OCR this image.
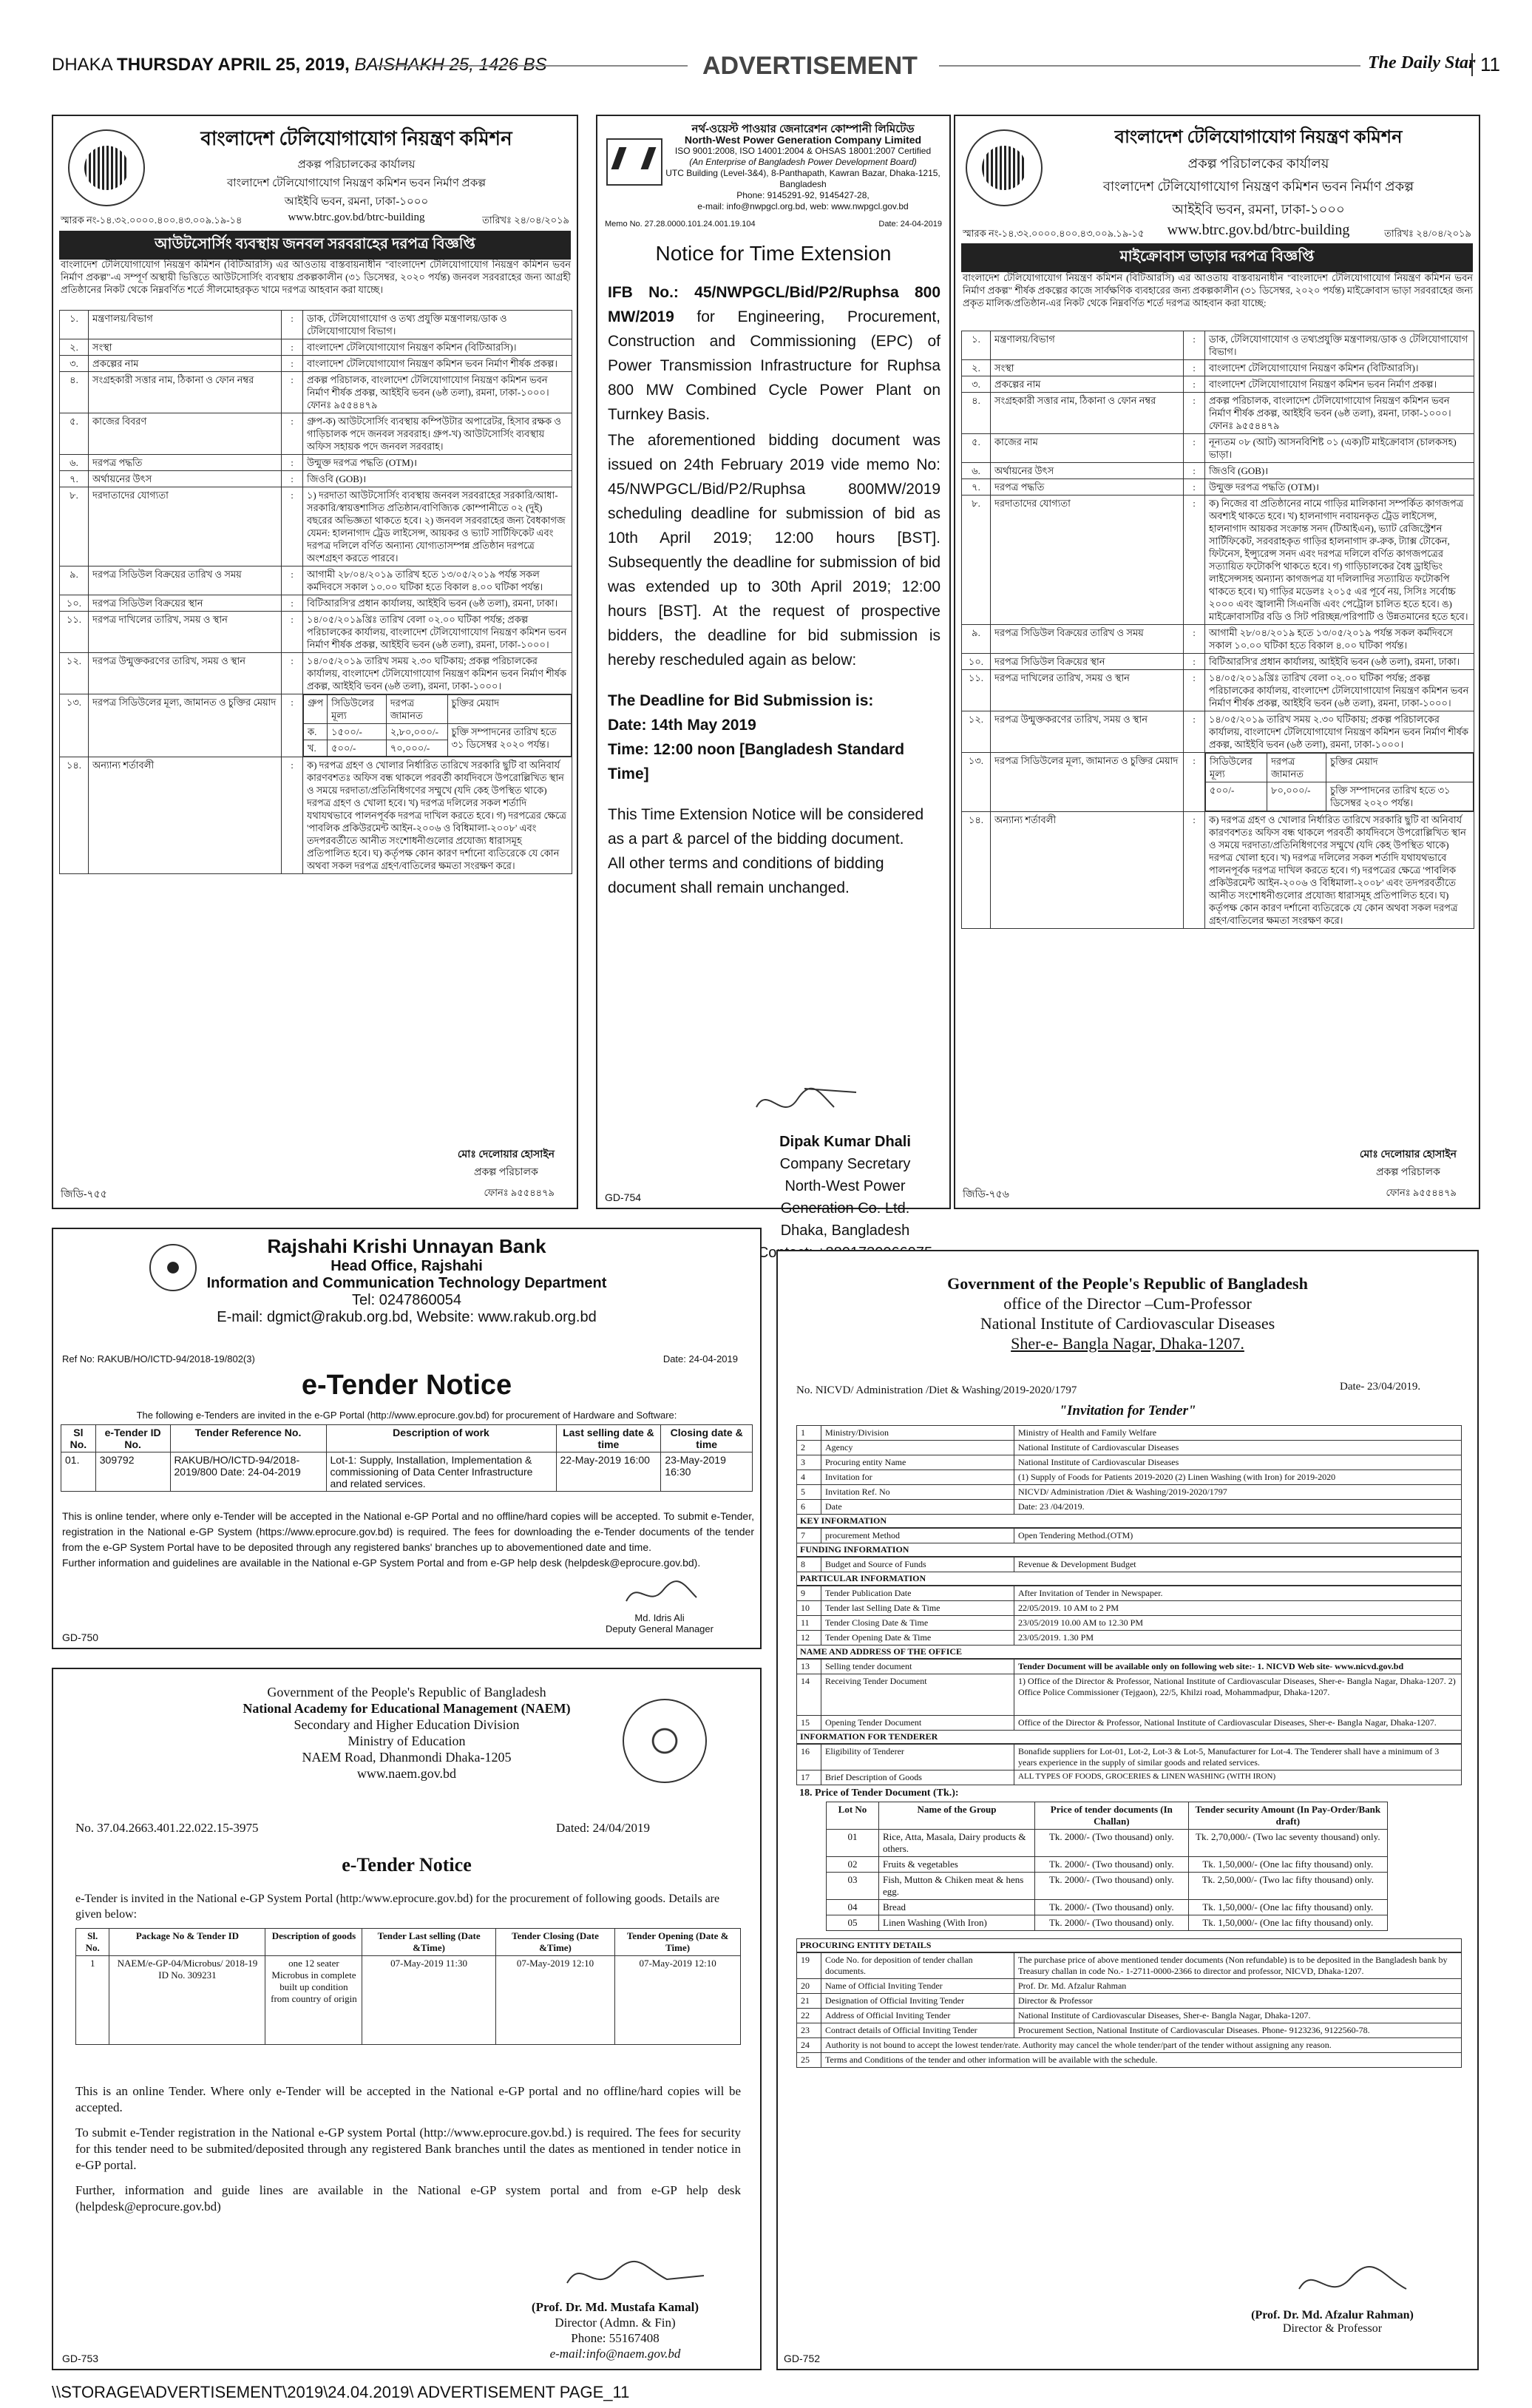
DHAKA THURSDAY APRIL 25, 2019, BAISHAKH 25, 1426 BS	ADVERTISEMENT	The Daily Star 11
বাংলাদেশ টেলিযোগাযোগ নিয়ন্ত্রণ কমিশন
প্রকল্প পরিচালকের কার্যালয়
বাংলাদেশ টেলিযোগাযোগ নিয়ন্ত্রণ কমিশন ভবন নির্মাণ প্রকল্প
আইইবি ভবন, রমনা, ঢাকা-১০০০
www.btrc.gov.bd/btrc-building
স্মারক নং-১৪.৩২.০০০০.৪০০.৪৩.০০৯.১৯-১৪	তারিখঃ ২৪/০৪/২০১৯
আউটসোর্সিং ব্যবস্থায় জনবল সরবরাহের দরপত্র বিজ্ঞপ্তি
বাংলাদেশ টেলিযোগাযোগ নিয়ন্ত্রণ কমিশন (বিটিআরসি) এর আওতায় বাস্তবায়নাধীন "বাংলাদেশ টেলিযোগাযোগ নিয়ন্ত্রণ কমিশন ভবন নির্মাণ প্রকল্প"-এ সম্পূর্ণ অস্থায়ী ভিত্তিতে আউটসোর্সিং ব্যবস্থায় প্রকল্পকালীন (৩১ ডিসেম্বর, ২০২০ পর্যন্ত) জনবল সরবরাহের জন্য আগ্রহী প্রতিষ্ঠানের নিকট থেকে নিম্নবর্ণিত শর্তে সীলমোহরকৃত খামে দরপত্র আহবান করা যাচ্ছে।
১.	মন্ত্রণালয়/বিভাগ	:	ডাক, টেলিযোগাযোগ ও তথ্য প্রযুক্তি মন্ত্রণালয়/ডাক ও টেলিযোগাযোগ বিভাগ।
২.	সংস্থা	:	বাংলাদেশ টেলিযোগাযোগ নিয়ন্ত্রণ কমিশন (বিটিআরসি)।
৩.	প্রকল্পের নাম	:	বাংলাদেশ টেলিযোগাযোগ নিয়ন্ত্রণ কমিশন ভবন নির্মাণ শীর্ষক প্রকল্প।
৪.	সংগ্রহকারী সত্তার নাম, ঠিকানা ও ফোন নম্বর	:	প্রকল্প পরিচালক, বাংলাদেশ টেলিযোগাযোগ নিয়ন্ত্রণ কমিশন ভবন নির্মাণ শীর্ষক প্রকল্প, আইইবি ভবন (৬ষ্ঠ তলা), রমনা, ঢাকা-১০০০। ফোনঃ ৯৫৫৪৪৭৯
৫.	কাজের বিবরণ	:	গ্রুপ-ক) আউটসোর্সিং ব্যবস্থায় কম্পিউটার অপারেটর, হিসাব রক্ষক ও গাড়িচালক পদে জনবল সরবরাহ। গ্রুপ-খ) আউটসোর্সিং ব্যবস্থায় অফিস সহায়ক পদে জনবল সরবরাহ।
৬.	দরপত্র পদ্ধতি	:	উন্মুক্ত দরপত্র পদ্ধতি (OTM)।
৭.	অর্থায়নের উৎস	:	জিওবি (GOB)।
৮.	দরদাতাদের যোগ্যতা	:	১) দরদাতা আউটসোর্সিং ব্যবস্থায় জনবল সরবরাহের সরকারি/আধা-সরকারি/স্বায়ত্তশাসিত প্রতিষ্ঠান/বাণিজ্যিক কোম্পানীতে ০২ (দুই) বছরের অভিজ্ঞতা থাকতে হবে। ২) জনবল সরবরাহের জন্য বৈধকাগজ যেমন: হালনাগাদ ট্রেড লাইসেন্স, আয়কর ও ভ্যাট সার্টিফিকেট এবং দরপত্র দলিলে বর্ণিত অন্যান্য যোগ্যতাসম্পন্ন প্রতিষ্ঠান দরপত্রে অংশগ্রহণ করতে পারবে।
৯.	দরপত্র সিডিউল বিক্রয়ের তারিখ ও সময়	:	আগামী ২৮/০৪/২০১৯ তারিখ হতে ১৩/০৫/২০১৯ পর্যন্ত সকল কর্মদিবসে সকাল ১০.০০ ঘটিকা হতে বিকাল ৪.০০ ঘটিকা পর্যন্ত।
১০.	দরপত্র সিডিউল বিক্রয়ের স্থান	:	বিটিআরসি'র প্রধান কার্যালয়, আইইবি ভবন (৬ষ্ঠ তলা), রমনা, ঢাকা।
১১.	দরপত্র দাখিলের তারিখ, সময় ও স্থান	:	১৪/০৫/২০১৯খ্রিঃ তারিখ বেলা ০২.০০ ঘটিকা পর্যন্ত; প্রকল্প পরিচালকের কার্যালয়, বাংলাদেশ টেলিযোগাযোগ নিয়ন্ত্রণ কমিশন ভবন নির্মাণ শীর্ষক প্রকল্প, আইইবি ভবন (৬ষ্ঠ তলা), রমনা, ঢাকা-১০০০।
১২.	দরপত্র উন্মুক্তকরণের তারিখ, সময় ও স্থান	:	১৪/০৫/২০১৯ তারিখ সময় ২.৩০ ঘটিকায়; প্রকল্প পরিচালকের কার্যালয়, বাংলাদেশ টেলিযোগাযোগ নিয়ন্ত্রণ কমিশন ভবন নির্মাণ শীর্ষক প্রকল্প, আইইবি ভবন (৬ষ্ঠ তলা), রমনা, ঢাকা-১০০০।
১৩.	দরপত্র সিডিউলের মূল্য, জামানত ও চুক্তির মেয়াদ	:	গ্রুপ	সিডিউলের মূল্য	দরপত্র জামানত	চুক্তির মেয়াদ
ক.	১৫০০/-	২,৮০,০০০/-	চুক্তি সম্পাদনের তারিখ হতে ৩১ ডিসেম্বর ২০২০ পর্যন্ত।
খ.	৫০০/-	৭০,০০০/-

১৪.	অন্যান্য শর্তাবলী	:	ক) দরপত্র গ্রহণ ও খোলার নির্ধারিত তারিখে সরকারি ছুটি বা অনিবার্য কারণবশতঃ অফিস বন্ধ থাকলে পরবর্তী কার্যদিবসে উপরোল্লিখিত স্থান ও সময়ে দরদাতা/প্রতিনিধিগণের সম্মুখে (যদি কেহ উপস্থিত থাকে) দরপত্র গ্রহণ ও খোলা হবে। খ) দরপত্র দলিলের সকল শর্তাদি যথাযথভাবে পালনপূর্বক দরপত্র দাখিল করতে হবে। গ) দরপত্রের ক্ষেত্রে 'পাবলিক প্রকিউরমেন্ট আইন-২০০৬ ও বিধিমালা-২০০৮' এবং তদপরবর্তীতে আনীত সংশোধনীগুলোর প্রযোজ্য ধারাসমূহ প্রতিপালিত হবে। ঘ) কর্তৃপক্ষ কোন কারণ দর্শানো ব্যতিরেকে যে কোন অথবা সকল দরপত্র গ্রহণ/বাতিলের ক্ষমতা সংরক্ষণ করে।
মোঃ দেলোয়ার হোসাইন
প্রকল্প পরিচালক
ফোনঃ ৯৫৫৪৪৭৯
জিডি-৭৫৫
নর্থ-ওয়েস্ট পাওয়ার জেনারেশন কোম্পানী লিমিটেড
North-West Power Generation Company Limited
ISO 9001:2008, ISO 14001:2004 & OHSAS 18001:2007 Certified
(An Enterprise of Bangladesh Power Development Board)
UTC Building (Level-3&4), 8-Panthapath, Kawran Bazar, Dhaka-1215, Bangladesh
Phone: 9145291-92, 9145427-28,
e-mail: info@nwpgcl.org.bd, web: www.nwpgcl.gov.bd
Memo No. 27.28.0000.101.24.001.19.104	Date: 24-04-2019
Notice for Time Extension

IFB No.: 45/NWPGCL/Bid/P2/Ruphsa 800 MW/2019 for Engineering, Procurement, Construction and Commissioning (EPC) of Power Transmission Infrastructure for Ruphsa 800 MW Combined Cycle Power Plant on Turnkey Basis.

The aforementioned bidding document was issued on 24th February 2019 vide memo No: 45/NWPGCL/Bid/P2/Ruphsa 800MW/2019 scheduling deadline for submission of bid as 10th April 2019; 12:00 hours [BST]. Subsequently the deadline for submission of bid was extended up to 30th April 2019; 12:00 hours [BST]. At the request of prospective bidders, the deadline for bid submission is hereby rescheduled again as below:

The Deadline for Bid Submission is:

Date: 14th May 2019

Time: 12:00 noon [Bangladesh Standard Time]

This Time Extension Notice will be considered as a part & parcel of the bidding document.

All other terms and conditions of bidding document shall remain unchanged.

Dipak Kumar Dhali
Company Secretary
North-West Power
Generation Co. Ltd.
Dhaka, Bangladesh
GD-754
বাংলাদেশ টেলিযোগাযোগ নিয়ন্ত্রণ কমিশন
প্রকল্প পরিচালকের কার্যালয়
বাংলাদেশ টেলিযোগাযোগ নিয়ন্ত্রণ কমিশন ভবন নির্মাণ প্রকল্প
আইইবি ভবন, রমনা, ঢাকা-১০০০
www.btrc.gov.bd/btrc-building
স্মারক নং-১৪.৩২.০০০০.৪০০.৪৩.০০৯.১৯-১৫	তারিখঃ ২৪/০৪/২০১৯
মাইক্রোবাস ভাড়ার দরপত্র বিজ্ঞপ্তি
বাংলাদেশ টেলিযোগাযোগ নিয়ন্ত্রণ কমিশন (বিটিআরসি) এর আওতায় বাস্তবায়নাধীন "বাংলাদেশ টেলিযোগাযোগ নিয়ন্ত্রণ কমিশন ভবন নির্মাণ প্রকল্প" শীর্ষক প্রকল্পের কাজে সার্বক্ষণিক ব্যবহারের জন্য প্রকল্পকালীন (৩১ ডিসেম্বর, ২০২০ পর্যন্ত) মাইক্রোবাস ভাড়া সরবরাহের জন্য প্রকৃত মালিক/প্রতিষ্ঠান-এর নিকট থেকে নিম্নবর্ণিত শর্তে দরপত্র আহবান করা যাচ্ছে:
১.	মন্ত্রণালয়/বিভাগ	:	ডাক, টেলিযোগাযোগ ও তথ্যপ্রযুক্তি মন্ত্রণালয়/ডাক ও টেলিযোগাযোগ বিভাগ।
২.	সংস্থা	:	বাংলাদেশ টেলিযোগাযোগ নিয়ন্ত্রণ কমিশন (বিটিআরসি)।
৩.	প্রকল্পের নাম	:	বাংলাদেশ টেলিযোগাযোগ নিয়ন্ত্রণ কমিশন ভবন নির্মাণ প্রকল্প।
৪.	সংগ্রহকারী সত্তার নাম, ঠিকানা ও ফোন নম্বর	:	প্রকল্প পরিচালক, বাংলাদেশ টেলিযোগাযোগ নিয়ন্ত্রণ কমিশন ভবন নির্মাণ শীর্ষক প্রকল্প, আইইবি ভবন (৬ষ্ঠ তলা), রমনা, ঢাকা-১০০০। ফোনঃ ৯৫৫৪৪৭৯
৫.	কাজের নাম	:	নূন্যতম ০৮ (আট) আসনবিশিষ্ট ০১ (এক)টি মাইক্রোবাস (চালকসহ) ভাড়া।
৬.	অর্থায়নের উৎস	:	জিওবি (GOB)।
৭.	দরপত্র পদ্ধতি	:	উন্মুক্ত দরপত্র পদ্ধতি (OTM)।
৮.	দরদাতাদের যোগ্যতা	:	ক) নিজের বা প্রতিষ্ঠানের নামে গাড়ির মালিকানা সম্পর্কিত কাগজপত্র অবশ্যই থাকতে হবে। খ) হালনাগাদ নবায়নকৃত ট্রেড লাইসেন্স, হালনাগাদ আয়কর সংক্রান্ত সনদ (টিআইএন), ভ্যাট রেজিস্ট্রেশন সার্টিফিকেট, সরবরাহকৃত গাড়ির হালনাগাদ রু-রুক, ট্যাক্স টোকেন, ফিটনেস, ইন্স্যুরেন্স সনদ এবং দরপত্র দলিলে বর্ণিত কাগজপত্রের সত্যায়িত ফটোকপি থাকতে হবে। গ) গাড়িচালকের বৈধ ড্রাইভিং লাইসেন্সসহ অন্যান্য কাগজপত্র যা দলিলাদির সত্যায়িত ফটোকপি থাকতে হবে। ঘ) গাড়ির মডেলঃ ২০১৫ এর পূর্বে নয়, সিসিঃ সর্বোচ্চ ২০০০ এবং জ্বালানী সিএনজি এবং পেট্রোল চালিত হতে হবে। ঙ) মাইক্রোবাসটির বডি ও সিট পরিচ্ছন্ন/পরিপাটি ও উন্নতমানের হতে হবে।
৯.	দরপত্র সিডিউল বিক্রয়ের তারিখ ও সময়	:	আগামী ২৮/০৪/২০১৯ হতে ১৩/০৫/২০১৯ পর্যন্ত সকল কর্মদিবসে সকাল ১০.০০ ঘটিকা হতে বিকাল ৪.০০ ঘটিকা পর্যন্ত।
১০.	দরপত্র সিডিউল বিক্রয়ের স্থান	:	বিটিআরসি'র প্রধান কার্যালয়, আইইবি ভবন (৬ষ্ঠ তলা), রমনা, ঢাকা।
১১.	দরপত্র দাখিলের তারিখ, সময় ও স্থান	:	১৪/০৫/২০১৯খ্রিঃ তারিখ বেলা ০২.০০ ঘটিকা পর্যন্ত; প্রকল্প পরিচালকের কার্যালয়, বাংলাদেশ টেলিযোগাযোগ নিয়ন্ত্রণ কমিশন ভবন নির্মাণ শীর্ষক প্রকল্প, আইইবি ভবন (৬ষ্ঠ তলা), রমনা, ঢাকা-১০০০।
১২.	দরপত্র উন্মুক্তকরণের তারিখ, সময় ও স্থান	:	১৪/০৫/২০১৯ তারিখ সময় ২.৩০ ঘটিকায়; প্রকল্প পরিচালকের কার্যালয়, বাংলাদেশ টেলিযোগাযোগ নিয়ন্ত্রণ কমিশন ভবন নির্মাণ শীর্ষক প্রকল্প, আইইবি ভবন (৬ষ্ঠ তলা), রমনা, ঢাকা-১০০০।
১৩.	দরপত্র সিডিউলের মূল্য, জামানত ও চুক্তির মেয়াদ	:	সিডিউলের মূল্য	দরপত্র জামানত	চুক্তির মেয়াদ
৫০০/-	৮০,০০০/-	চুক্তি সম্পাদনের তারিখ হতে ৩১ ডিসেম্বর ২০২০ পর্যন্ত।

১৪.	অন্যান্য শর্তাবলী	:	ক) দরপত্র গ্রহণ ও খোলার নির্ধারিত তারিখে সরকারি ছুটি বা অনিবার্য কারণবশতঃ অফিস বন্ধ থাকলে পরবর্তী কার্যদিবসে উপরোল্লিখিত স্থান ও সময়ে দরদাতা/প্রতিনিধিগণের সম্মুখে (যদি কেহ উপস্থিত থাকে) দরপত্র খোলা হবে। খ) দরপত্র দলিলের সকল শর্তাদি যথাযথভাবে পালনপূর্বক দরপত্র দাখিল করতে হবে। গ) দরপত্রের ক্ষেত্রে 'পাবলিক প্রকিউরমেন্ট আইন-২০০৬ ও বিধিমালা-২০০৮' এবং তদপরবর্তীতে আনীত সংশোধনীগুলোর প্রযোজ্য ধারাসমূহ প্রতিপালিত হবে। ঘ) কর্তৃপক্ষ কোন কারণ দর্শানো ব্যতিরেকে যে কোন অথবা সকল দরপত্র গ্রহণ/বাতিলের ক্ষমতা সংরক্ষণ করে।
মোঃ দেলোয়ার হোসাইন
প্রকল্প পরিচালক
ফোনঃ ৯৫৫৪৪৭৯
জিডি-৭৫৬
Rajshahi Krishi Unnayan Bank
Head Office, Rajshahi
Information and Communication Technology Department
Tel: 0247860054
E-mail: dgmict@rakub.org.bd, Website: www.rakub.org.bd
Ref No: RAKUB/HO/ICTD-94/2018-19/802(3)	Date: 24-04-2019
e-Tender Notice
The following e-Tenders are invited in the e-GP Portal (http://www.eprocure.gov.bd) for procurement of Hardware and Software:
Sl No.	e-Tender ID No.	Tender Reference No.	Description of work	Last selling date & time	Closing date & time
01.	309792	RAKUB/HO/ICTD-94/2018-2019/800 Date: 24-04-2019	Lot-1: Supply, Installation, Implementation & commissioning of Data Center Infrastructure and related services.	22-May-2019 16:00	23-May-2019 16:30

This is online tender, where only e-Tender will be accepted in the National e-GP Portal and no offline/hard copies will be accepted. To submit e-Tender, registration in the National e-GP System (https://www.eprocure.gov.bd) is required. The fees for downloading the e-Tender documents of the tender from the e-GP System Portal have to be deposited through any registered banks' branches up to abovementioned date and time.

Further information and guidelines are available in the National e-GP System Portal and from e-GP help desk (helpdesk@eprocure.gov.bd).

Md. Idris Ali
Deputy General Manager
GD-750
Government of the People's Republic of Bangladesh
National Academy for Educational Management (NAEM)
Secondary and Higher Education Division
Ministry of Education
NAEM Road, Dhanmondi Dhaka-1205
www.naem.gov.bd
No. 37.04.2663.401.22.022.15-3975	Dated: 24/04/2019
e-Tender Notice
e-Tender is invited in the National e-GP System Portal (http:/www.eprocure.gov.bd) for the procurement of following goods. Details are given below:
Sl. No.	Package No & Tender ID	Description of goods	Tender Last selling (Date &Time)	Tender Closing (Date &Time)	Tender Opening (Date & Time)
1	NAEM/e-GP-04/Microbus/ 2018-19 ID No. 309231	one 12 seater Microbus in complete built up condition from country of origin	07-May-2019 11:30	07-May-2019 12:10	07-May-2019 12:10

This is an online Tender. Where only e-Tender will be accepted in the National e-GP portal and no offline/hard copies will be accepted.

To submit e-Tender registration in the National e-GP system Portal (http://www.eprocure.gov.bd.) is required. The fees for security for this tender need to be submited/deposited through any registered Bank branches until the dates as mentioned in tender notice in e-GP portal.

Further, information and guide lines are available in the National e-GP system portal and from e-GP help desk (helpdesk@eprocure.gov.bd)

(Prof. Dr. Md. Mustafa Kamal)
Director (Admn. & Fin)
Phone: 55167408
e-mail:info@naem.gov.bd
GD-753
Government of the People's Republic of Bangladesh
office of the Director –Cum-Professor
National Institute of Cardiovascular Diseases
Sher-e- Bangla Nagar, Dhaka-1207.
No. NICVD/ Administration /Diet & Washing/2019-2020/1797	Date- 23/04/2019.
"Invitation for Tender"
1	Ministry/Division	Ministry of Health and Family Welfare
2	Agency	National Institute of Cardiovascular Diseases
3	Procuring entity Name	National Institute of Cardiovascular Diseases
4	Invitation for	(1) Supply of Foods for Patients 2019-2020 (2) Linen Washing (with Iron) for 2019-2020
5	Invitation Ref. No	NICVD/ Administration /Diet & Washing/2019-2020/1797
6	Date	Date: 23 /04/2019.
KEY INFORMATION
7	procurement Method	Open Tendering Method.(OTM)
FUNDING INFORMATION
8	Budget and Source of Funds	Revenue & Development Budget
PARTICULAR INFORMATION
9	Tender Publication Date	After Invitation of Tender in Newspaper.
10	Tender last Selling Date & Time	22/05/2019. 10 AM to 2 PM
11	Tender Closing Date & Time	23/05/2019 10.00 AM to 12.30 PM
12	Tender Opening Date & Time	23/05/2019. 1.30 PM
NAME AND ADDRESS OF THE OFFICE
13	Selling tender document	Tender Document will be available only on following web site:- 1. NICVD Web site- www.nicvd.gov.bd
14	Receiving Tender Document	1) Office of the Director & Professor, National Institute of Cardiovascular Diseases, Sher-e- Bangla Nagar, Dhaka-1207. 2) Office Police Commissioner (Tejgaon), 22/5, Khilzi road, Mohammadpur, Dhaka-1207.
15	Opening Tender Document	Office of the Director & Professor, National Institute of Cardiovascular Diseases, Sher-e- Bangla Nagar, Dhaka-1207.
INFORMATION FOR TENDERER
16	Eligibility of Tenderer	Bonafide suppliers for Lot-01, Lot-2, Lot-3 & Lot-5, Manufacturer for Lot-4. The Tenderer shall have a minimum of 3 years experience in the supply of similar goods and related services.
17	Brief Description of Goods	ALL TYPES OF FOODS, GROCERIES & LINEN WASHING (WITH IRON)
18. Price of Tender Document (Tk.):
Lot No	Name of the Group	Price of tender documents (In Challan)	Tender security Amount (In Pay-Order/Bank draft)
01	Rice, Atta, Masala, Dairy products & others.	Tk. 2000/- (Two thousand) only.	Tk. 2,70,000/- (Two lac seventy thousand) only.
02	Fruits & vegetables	Tk. 2000/- (Two thousand) only.	Tk. 1,50,000/- (One lac fifty thousand) only.
03	Fish, Mutton & Chiken meat & hens egg.	Tk. 2000/- (Two thousand) only.	Tk. 2,50,000/- (Two lac fifty thousand) only.
04	Bread	Tk. 2000/- (Two thousand) only.	Tk. 1,50,000/- (One lac fifty thousand) only.
05	Linen Washing (With Iron)	Tk. 2000/- (Two thousand) only.	Tk. 1,50,000/- (One lac fifty thousand) only.
PROCURING ENTITY DETAILS
19	Code No. for deposition of tender challan documents.	The purchase price of above mentioned tender documents (Non refundable) is to be deposited in the Bangladesh bank by Treasury challan in code No.- 1-2711-0000-2366 to director and professor, NICVD, Dhaka-1207.
20	Name of Official Inviting Tender	Prof. Dr. Md. Afzalur Rahman
21	Designation of Official Inviting Tender	Director & Professor
22	Address of Official Inviting Tender	National Institute of Cardiovascular Diseases, Sher-e- Bangla Nagar, Dhaka-1207.
23	Contract details of Official Inviting Tender	Procurement Section, National Institute of Cardiovascular Diseases. Phone- 9123236, 9122560-78.
24	Authority is not bound to accept the lowest tender/rate. Authority may cancel the whole tender/part of the tender without assigning any reason.	
25	Terms and Conditions of the tender and other information will be available with the schedule.	
(Prof. Dr. Md. Afzalur Rahman)
Director & Professor
GD-752
\\STORAGE\ADVERTISEMENT\2019\24.04.2019\ ADVERTISEMENT PAGE_11
